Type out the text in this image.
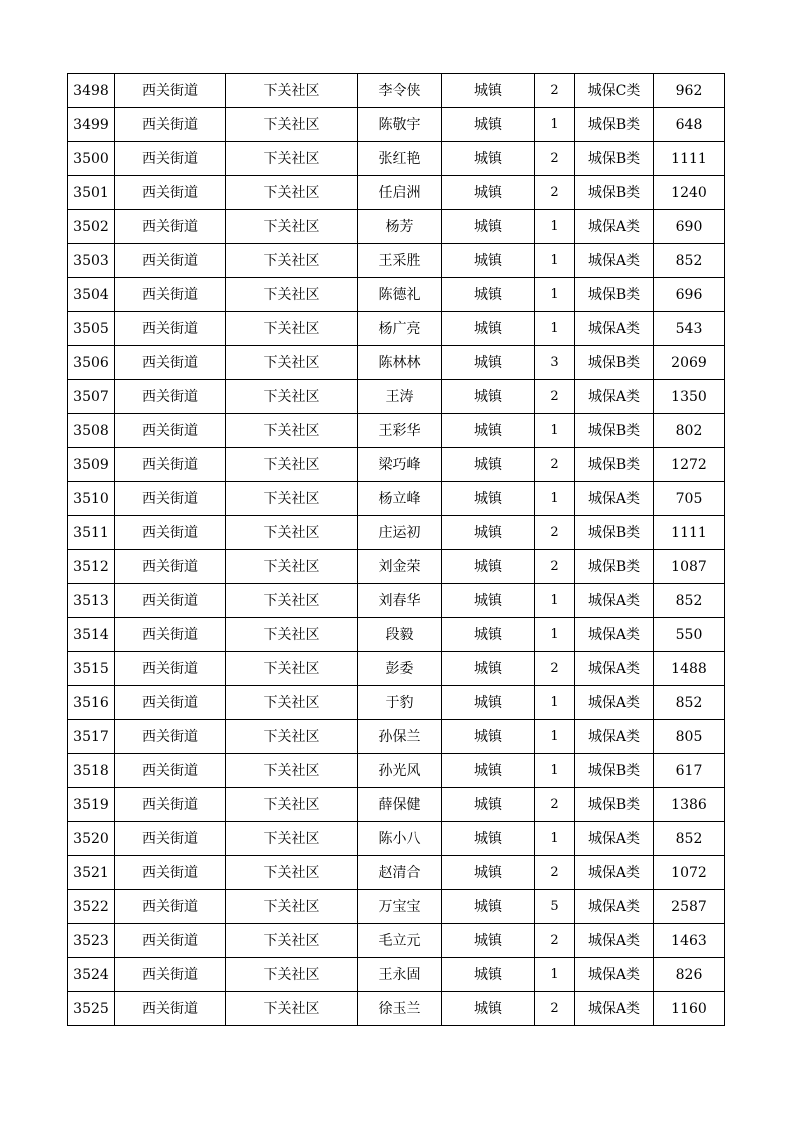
3498	西关街道	下关社区	李令侠	城镇	2	城保C类	962
3499	西关街道	下关社区	陈敬宇	城镇	1	城保B类	648
3500	西关街道	下关社区	张红艳	城镇	2	城保B类	1111
3501	西关街道	下关社区	任启洲	城镇	2	城保B类	1240
3502	西关街道	下关社区	杨芳	城镇	1	城保A类	690
3503	西关街道	下关社区	王采胜	城镇	1	城保A类	852
3504	西关街道	下关社区	陈德礼	城镇	1	城保B类	696
3505	西关街道	下关社区	杨广亮	城镇	1	城保A类	543
3506	西关街道	下关社区	陈林林	城镇	3	城保B类	2069
3507	西关街道	下关社区	王涛	城镇	2	城保A类	1350
3508	西关街道	下关社区	王彩华	城镇	1	城保B类	802
3509	西关街道	下关社区	梁巧峰	城镇	2	城保B类	1272
3510	西关街道	下关社区	杨立峰	城镇	1	城保A类	705
3511	西关街道	下关社区	庄运初	城镇	2	城保B类	1111
3512	西关街道	下关社区	刘金荣	城镇	2	城保B类	1087
3513	西关街道	下关社区	刘春华	城镇	1	城保A类	852
3514	西关街道	下关社区	段毅	城镇	1	城保A类	550
3515	西关街道	下关社区	彭委	城镇	2	城保A类	1488
3516	西关街道	下关社区	于豹	城镇	1	城保A类	852
3517	西关街道	下关社区	孙保兰	城镇	1	城保A类	805
3518	西关街道	下关社区	孙光风	城镇	1	城保B类	617
3519	西关街道	下关社区	薛保健	城镇	2	城保B类	1386
3520	西关街道	下关社区	陈小八	城镇	1	城保A类	852
3521	西关街道	下关社区	赵清合	城镇	2	城保A类	1072
3522	西关街道	下关社区	万宝宝	城镇	5	城保A类	2587
3523	西关街道	下关社区	毛立元	城镇	2	城保A类	1463
3524	西关街道	下关社区	王永固	城镇	1	城保A类	826
3525	西关街道	下关社区	徐玉兰	城镇	2	城保A类	1160
